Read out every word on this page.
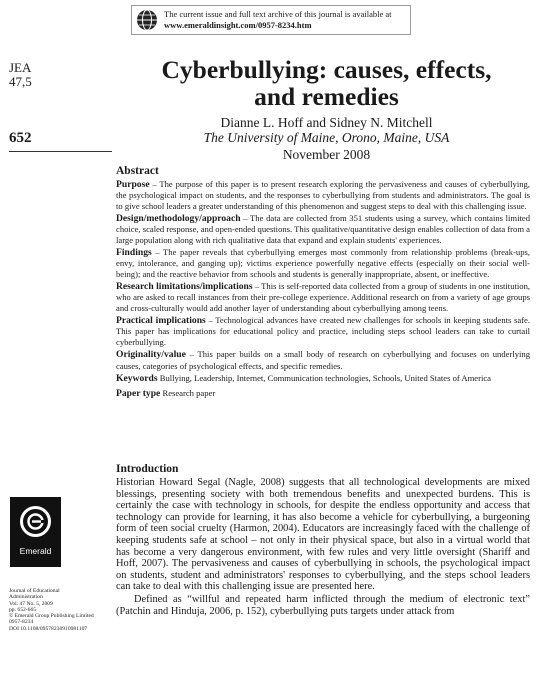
The current issue and full text archive of this journal is available at
www.emeraldinsight.com/0957-8234.htm
JEA
47,5
652
Cyberbullying: causes, effects,
and remedies
Dianne L. Hoff and Sidney N. Mitchell
The University of Maine, Orono, Maine, USA
November 2008
Abstract

Purpose – The purpose of this paper is to present research exploring the pervasiveness and causes of cyberbullying, the psychological impact on students, and the responses to cyberbullying from students and administrators. The goal is to give school leaders a greater understanding of this phenomenon and suggest steps to deal with this challenging issue.

Design/methodology/approach – The data are collected from 351 students using a survey, which contains limited choice, scaled response, and open-ended questions. This qualitative/quantitative design enables collection of data from a large population along with rich qualitative data that expand and explain students' experiences.

Findings – The paper reveals that cyberbullying emerges most commonly from relationship problems (break-ups, envy, intolerance, and ganging up); victims experience powerfully negative effects (especially on their social well-being); and the reactive behavior from schools and students is generally inappropriate, absent, or ineffective.

Research limitations/implications – This is self-reported data collected from a group of students in one institution, who are asked to recall instances from their pre-college experience. Additional research on from a variety of age groups and cross-culturally would add another layer of understanding about cyberbullying among teens.

Practical implications – Technological advances have created new challenges for schools in keeping students safe. This paper has implications for educational policy and practice, including steps school leaders can take to curtail cyberbullying.

Originality/value – This paper builds on a small body of research on cyberbullying and focuses on underlying causes, categories of psychological effects, and specific remedies.

Keywords Bullying, Leadership, Internet, Communication technologies, Schools, United States of America

Paper type Research paper

Introduction

Historian Howard Segal (Nagle, 2008) suggests that all technological developments are mixed blessings, presenting society with both tremendous benefits and unexpected burdens. This is certainly the case with technology in schools, for despite the endless opportunity and access that technology can provide for learning, it has also become a vehicle for cyberbullying, a burgeoning form of teen social cruelty (Harmon, 2004). Educators are increasingly faced with the challenge of keeping students safe at school – not only in their physical space, but also in a virtual world that has become a very dangerous environment, with few rules and very little oversight (Shariff and Hoff, 2007). The pervasiveness and causes of cyberbullying in schools, the psychological impact on students, student and administrators' responses to cyberbullying, and the steps school leaders can take to deal with this challenging issue are presented here.

Defined as “willful and repeated harm inflicted through the medium of electronic text” (Patchin and Hinduja, 2006, p. 152), cyberbullying puts targets under attack from

Emerald
Journal of Educational
Administration
Vol. 47 No. 5, 2009
pp. 652-665
© Emerald Group Publishing Limited
0957-8234
DOI 10.1108/09578230910981107
